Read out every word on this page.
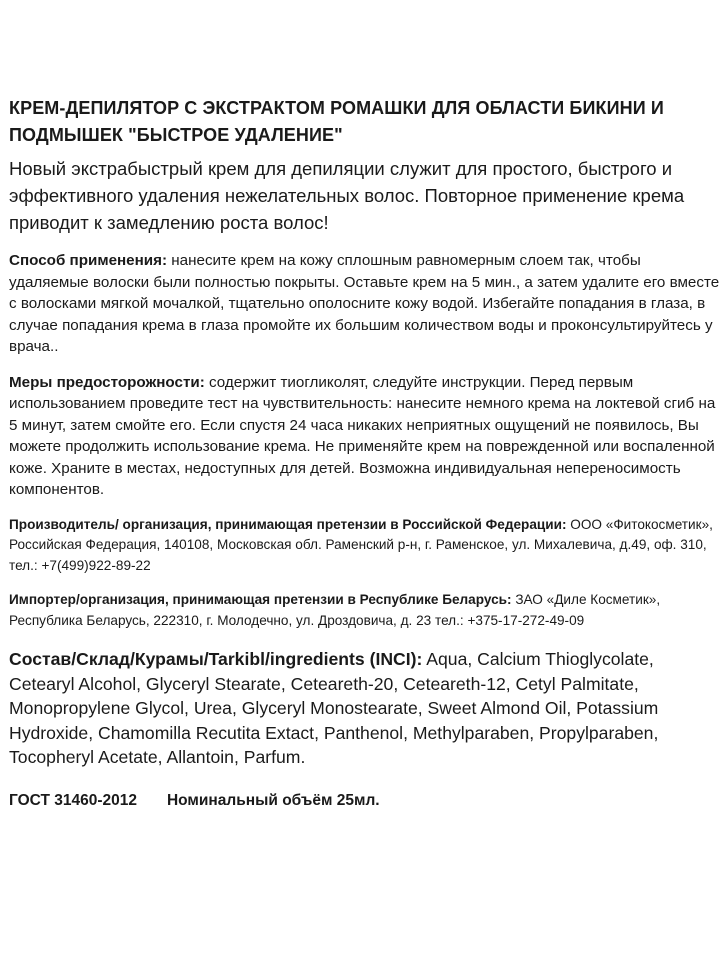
КРЕМ-ДЕПИЛЯТОР С ЭКСТРАКТОМ РОМАШКИ ДЛЯ ОБЛАСТИ БИКИНИ И ПОДМЫШЕК "БЫСТРОЕ УДАЛЕНИЕ"
Новый экстрабыстрый крем для депиляции служит для простого, быстрого и эффективного удаления нежелательных волос. Повторное применение крема приводит к замедлению роста волос!
Способ применения: нанесите крем на кожу сплошным равномерным слоем так, чтобы удаляемые волоски были полностью покрыты. Оставьте крем на 5 мин., а затем удалите его вместе с волосками мягкой мочалкой, тщательно ополосните кожу водой. Избегайте попадания в глаза, в случае попадания крема в глаза промойте их большим количеством воды и проконсультируйтесь у врача..
Меры предосторожности: содержит тиогликолят, следуйте инструкции. Перед первым использованием проведите тест на чувствительность: нанесите немного крема на локтевой сгиб на 5 минут, затем смойте его. Если спустя 24 часа никаких неприятных ощущений не появилось, Вы можете продолжить использование крема. Не применяйте крем на поврежденной или воспаленной коже. Храните в местах, недоступных для детей. Возможна индивидуальная непереносимость компонентов.
Производитель/ организация, принимающая претензии в Российской Федерации: ООО «Фитокосметик», Российская Федерация, 140108, Московская обл. Раменский р-н, г. Раменское, ул. Михалевича, д.49, оф. 310, тел.: +7(499)922-89-22
Импортер/организация, принимающая претензии в Республике Беларусь: ЗАО «Диле Косметик», Республика Беларусь, 222310, г. Молодечно, ул. Дроздовича, д. 23 тел.: +375-17-272-49-09
Состав/Склад/Курамы/Tarkibl/ingredients (INCI): Aqua, Calcium Thioglycolate, Cetearyl Alcohol, Glyceryl Stearate, Ceteareth-20, Ceteareth-12, Cetyl Palmitate, Monopropylene Glycol, Urea, Glyceryl Monostearate, Sweet Almond Oil, Potassium Hydroxide, Chamomilla Recutita Extact, Panthenol, Methylparaben, Propylparaben, Tocopheryl Acetate, Allantoin, Parfum.
ГОСТ 31460-2012 Номинальный объём 25мл.
